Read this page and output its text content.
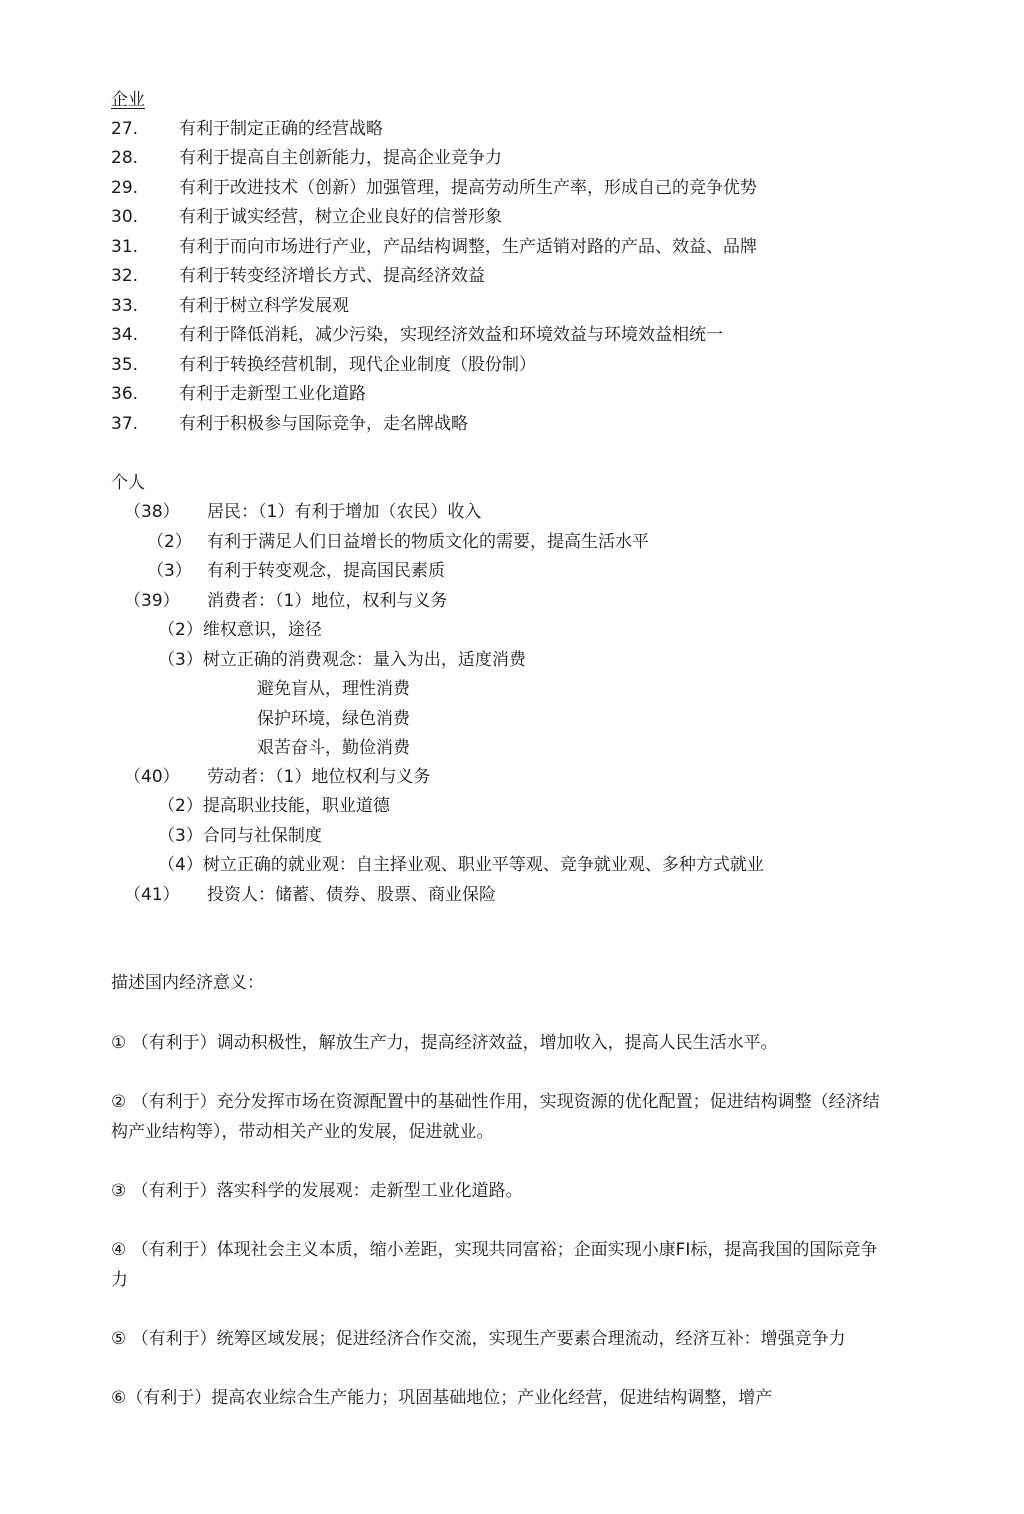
企业
27. 有利于制定正确的经营战略
28. 有利于提高自主创新能力，提高企业竞争力
29. 有利于改进技术（创新）加强管理，提高劳动所生产率，形成自己的竞争优势
30. 有利于诚实经营，树立企业良好的信誉形象
31. 有利于而向市场进行产业，产品结构调整，生产适销对路的产品、效益、品牌
32. 有利于转变经济增长方式、提高经济效益
33. 有利于树立科学发展观
34. 有利于降低消耗，减少污染，实现经济效益和环境效益与环境效益相统一
35. 有利于转换经营机制，现代企业制度（股份制）
36. 有利于走新型工业化道路
37. 有利于积极参与国际竞争，走名牌战略
个人
（38） 居民：（1）有利于增加（农民）收入
（2） 有利于满足人们日益增长的物质文化的需要，提高生活水平
（3） 有利于转变观念，提高国民素质
（39） 消费者：（1）地位，权利与义务
（2）维权意识，途径
（3）树立正确的消费观念：量入为出，适度消费
避免盲从，理性消费
保护环境，绿色消费
艰苦奋斗，勤俭消费
（40） 劳动者：（1）地位权利与义务
（2）提高职业技能，职业道德
（3）合同与社保制度
（4）树立正确的就业观：自主择业观、职业平等观、竞争就业观、多种方式就业
（41） 投资人：储蓄、债券、股票、商业保险
描述国内经济意义：
① （有利于）调动积极性，解放生产力，提高经济效益，增加收入，提高人民生活水平。
② （有利于）充分发挥市场在资源配置中的基础性作用，实现资源的优化配置；促进结构调整（经济结构产业结构等），带动相关产业的发展，促进就业。
③ （有利于）落实科学的发展观：走新型工业化道路。
④ （有利于）体现社会主义本质，缩小差距，实现共同富裕；企面实现小康FI标，提高我国的国际竞争力
⑤ （有利于）统筹区域发展；促进经济合作交流，实现生产要素合理流动，经济互补：增强竞争力
⑥（有利于）提高农业综合生产能力；巩固基础地位；产业化经营，促进结构调整，增产
